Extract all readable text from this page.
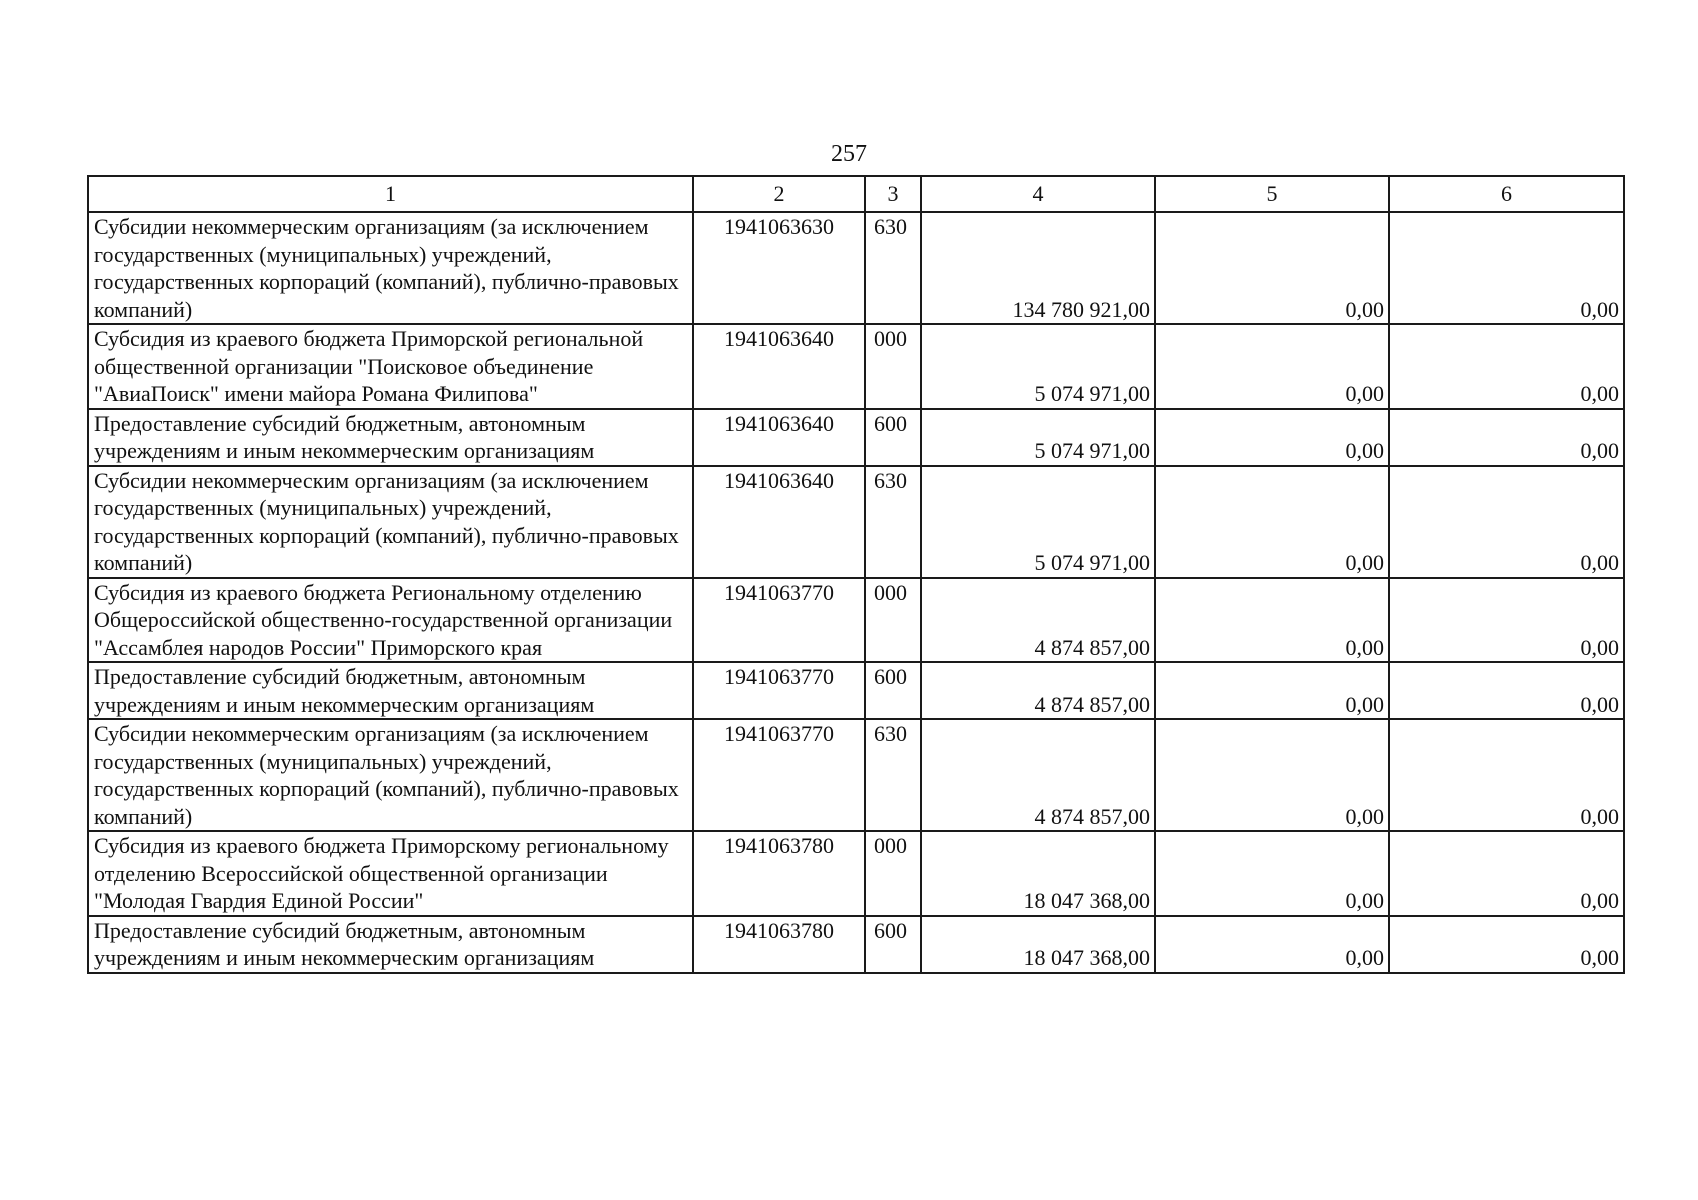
257
1	2	3	4	5	6
Субсидии некоммерческим организациям (за исключением государственных (муниципальных) учреждений, государственных корпораций (компаний), публично-правовых компаний)	1941063630	630	134 780 921,00	0,00	0,00
Субсидия из краевого бюджета Приморской региональной общественной организации "Поисковое объединение "АвиаПоиск" имени майора Романа Филипова"	1941063640	000	5 074 971,00	0,00	0,00
Предоставление субсидий бюджетным, автономным учреждениям и иным некоммерческим организациям	1941063640	600	5 074 971,00	0,00	0,00
Субсидии некоммерческим организациям (за исключением государственных (муниципальных) учреждений, государственных корпораций (компаний), публично-правовых компаний)	1941063640	630	5 074 971,00	0,00	0,00
Субсидия из краевого бюджета Региональному отделению Общероссийской общественно-государственной организации "Ассамблея народов России" Приморского края	1941063770	000	4 874 857,00	0,00	0,00
Предоставление субсидий бюджетным, автономным учреждениям и иным некоммерческим организациям	1941063770	600	4 874 857,00	0,00	0,00
Субсидии некоммерческим организациям (за исключением государственных (муниципальных) учреждений, государственных корпораций (компаний), публично-правовых компаний)	1941063770	630	4 874 857,00	0,00	0,00
Субсидия из краевого бюджета Приморскому региональному отделению Всероссийской общественной организации "Молодая Гвардия Единой России"	1941063780	000	18 047 368,00	0,00	0,00
Предоставление субсидий бюджетным, автономным учреждениям и иным некоммерческим организациям	1941063780	600	18 047 368,00	0,00	0,00
